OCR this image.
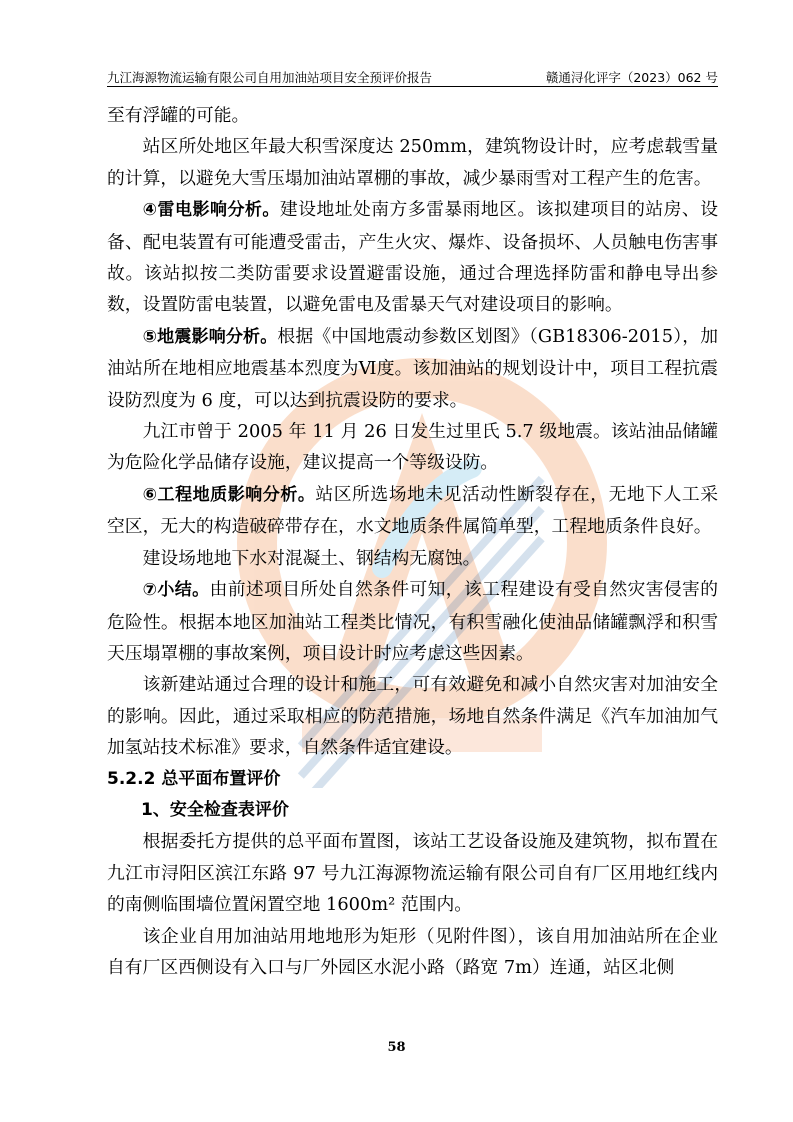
九江海源物流运输有限公司自用加油站项目安全预评价报告	赣通浔化评字（2023）062 号

至有浮罐的可能。

站区所处地区年最大积雪深度达 250mm，建筑物设计时，应考虑载雪量的计算，以避免大雪压塌加油站罩棚的事故，减少暴雨雪对工程产生的危害。

④雷电影响分析。建设地址处南方多雷暴雨地区。该拟建项目的站房、设备、配电装置有可能遭受雷击，产生火灾、爆炸、设备损坏、人员触电伤害事故。该站拟按二类防雷要求设置避雷设施，通过合理选择防雷和静电导出参数，设置防雷电装置，以避免雷电及雷暴天气对建设项目的影响。

⑤地震影响分析。根据《中国地震动参数区划图》（GB18306-2015），加油站所在地相应地震基本烈度为Ⅵ度。该加油站的规划设计中，项目工程抗震设防烈度为 6 度，可以达到抗震设防的要求。

九江市曾于 2005 年 11 月 26 日发生过里氏 5.7 级地震。该站油品储罐为危险化学品储存设施，建议提高一个等级设防。

⑥工程地质影响分析。站区所选场地未见活动性断裂存在，无地下人工采空区，无大的构造破碎带存在，水文地质条件属简单型，工程地质条件良好。

建设场地地下水对混凝土、钢结构无腐蚀。

⑦小结。由前述项目所处自然条件可知，该工程建设有受自然灾害侵害的危险性。根据本地区加油站工程类比情况，有积雪融化使油品储罐飘浮和积雪天压塌罩棚的事故案例，项目设计时应考虑这些因素。

该新建站通过合理的设计和施工，可有效避免和减小自然灾害对加油安全的影响。因此，通过采取相应的防范措施，场地自然条件满足《汽车加油加气加氢站技术标准》要求，自然条件适宜建设。

5.2.2 总平面布置评价

1、安全检查表评价

根据委托方提供的总平面布置图，该站工艺设备设施及建筑物，拟布置在九江市浔阳区滨江东路 97 号九江海源物流运输有限公司自有厂区用地红线内的南侧临围墙位置闲置空地 1600m² 范围内。

该企业自用加油站用地地形为矩形（见附件图），该自用加油站所在企业自有厂区西侧设有入口与厂外园区水泥小路（路宽 7m）连通，站区北侧

58
